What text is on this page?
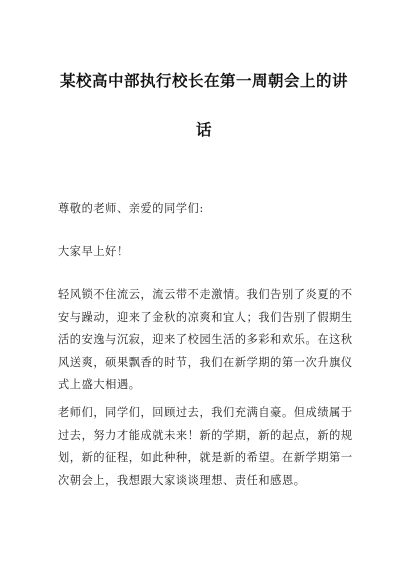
某校高中部执行校长在第一周朝会上的讲
话
尊敬的老师、亲爱的同学们:
大家早上好！
轻风锁不住流云，流云带不走激情。我们告别了炎夏的不
安与躁动，迎来了金秋的凉爽和宜人；我们告别了假期生
活的安逸与沉寂，迎来了校园生活的多彩和欢乐。在这秋
风送爽，硕果飘香的时节，我们在新学期的第一次升旗仪
式上盛大相遇。
老师们，同学们，回顾过去，我们充满自豪。但成绩属于
过去，努力才能成就未来！新的学期，新的起点，新的规
划，新的征程，如此种种，就是新的希望。在新学期第一
次朝会上，我想跟大家谈谈理想、责任和感恩。
